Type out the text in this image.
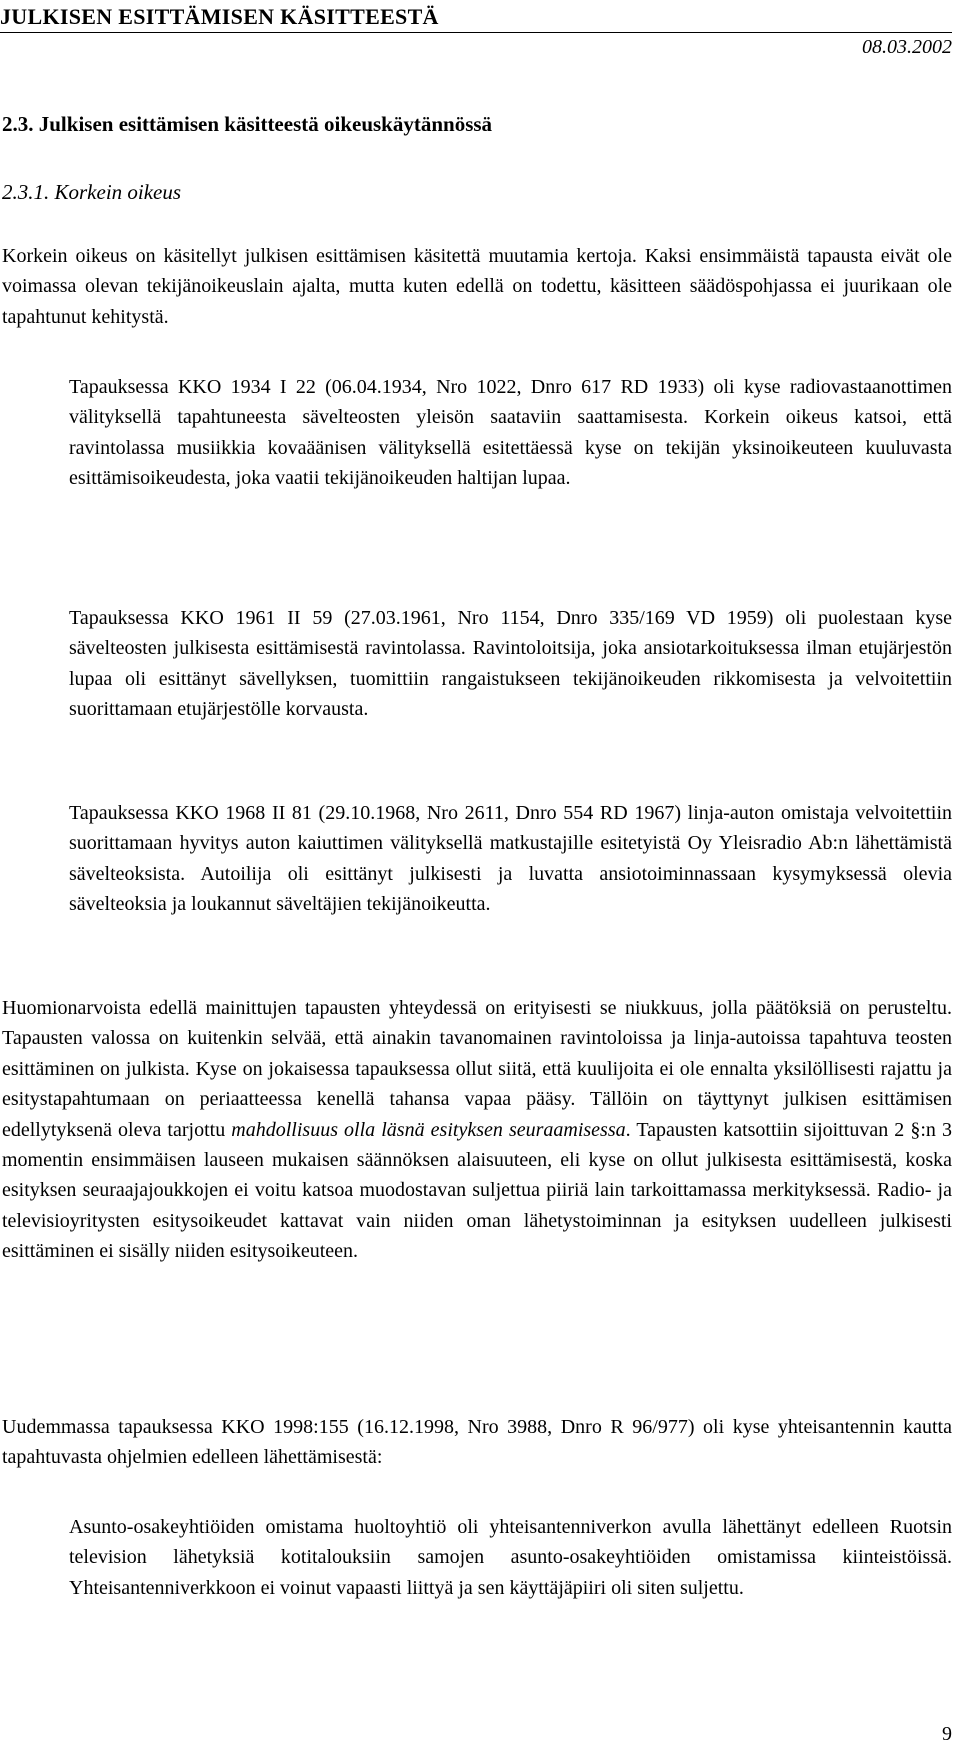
JULKISEN ESITTÄMISEN KÄSITTEESTÄ
08.03.2002
2.3. Julkisen esittämisen käsitteestä oikeuskäytännössä
2.3.1. Korkein oikeus

Korkein oikeus on käsitellyt julkisen esittämisen käsitettä muutamia kertoja. Kaksi ensimmäistä tapausta eivät ole voimassa olevan tekijänoikeuslain ajalta, mutta kuten edellä on todettu, käsitteen säädöspohjassa ei juurikaan ole tapahtunut kehitystä.

Tapauksessa KKO 1934 I 22 (06.04.1934, Nro 1022, Dnro 617 RD 1933) oli kyse radiovastaanottimen välityksellä tapahtuneesta sävelteosten yleisön saataviin saattamisesta. Korkein oikeus katsoi, että ravintolassa musiikkia kovaäänisen välityksellä esitettäessä kyse on tekijän yksinoikeuteen kuuluvasta esittämisoikeudesta, joka vaatii tekijänoikeuden haltijan lupaa.

Tapauksessa KKO 1961 II 59 (27.03.1961, Nro 1154, Dnro 335/169 VD 1959) oli puolestaan kyse sävelteosten julkisesta esittämisestä ravintolassa. Ravintoloitsija, joka ansiotarkoituksessa ilman etujärjestön lupaa oli esittänyt sävellyksen, tuomittiin rangaistukseen tekijänoikeuden rikkomisesta ja velvoitettiin suorittamaan etujärjestölle korvausta.

Tapauksessa KKO 1968 II 81 (29.10.1968, Nro 2611, Dnro 554 RD 1967) linja-auton omistaja velvoitettiin suorittamaan hyvitys auton kaiuttimen välityksellä matkustajille esitetyistä Oy Yleisradio Ab:n lähettämistä sävelteoksista. Autoilija oli esittänyt julkisesti ja luvatta ansiotoiminnassaan kysymyksessä olevia sävelteoksia ja loukannut säveltäjien tekijänoikeutta.

Huomionarvoista edellä mainittujen tapausten yhteydessä on erityisesti se niukkuus, jolla päätöksiä on perusteltu. Tapausten valossa on kuitenkin selvää, että ainakin tavanomainen ravintoloissa ja linja-autoissa tapahtuva teosten esittäminen on julkista. Kyse on jokaisessa tapauksessa ollut siitä, että kuulijoita ei ole ennalta yksilöllisesti rajattu ja esitystapahtumaan on periaatteessa kenellä tahansa vapaa pääsy. Tällöin on täyttynyt julkisen esittämisen edellytyksenä oleva tarjottu mahdollisuus olla läsnä esityksen seuraamisessa. Tapausten katsottiin sijoittuvan 2 §:n 3 momentin ensimmäisen lauseen mukaisen säännöksen alaisuuteen, eli kyse on ollut julkisesta esittämisestä, koska esityksen seuraajajoukkojen ei voitu katsoa muodostavan suljettua piiriä lain tarkoittamassa merkityksessä. Radio- ja televisioyritysten esitysoikeudet kattavat vain niiden oman lähetystoiminnan ja esityksen uudelleen julkisesti esittäminen ei sisälly niiden esitysoikeuteen.

Uudemmassa tapauksessa KKO 1998:155 (16.12.1998, Nro 3988, Dnro R 96/977) oli kyse yhteisantennin kautta tapahtuvasta ohjelmien edelleen lähettämisestä:

Asunto-osakeyhtiöiden omistama huoltoyhtiö oli yhteisantenniverkon avulla lähettänyt edelleen Ruotsin television lähetyksiä kotitalouksiin samojen asunto-osakeyhtiöiden omistamissa kiinteistöissä. Yhteisantenniverkkoon ei voinut vapaasti liittyä ja sen käyttäjäpiiri oli siten suljettu.

9
